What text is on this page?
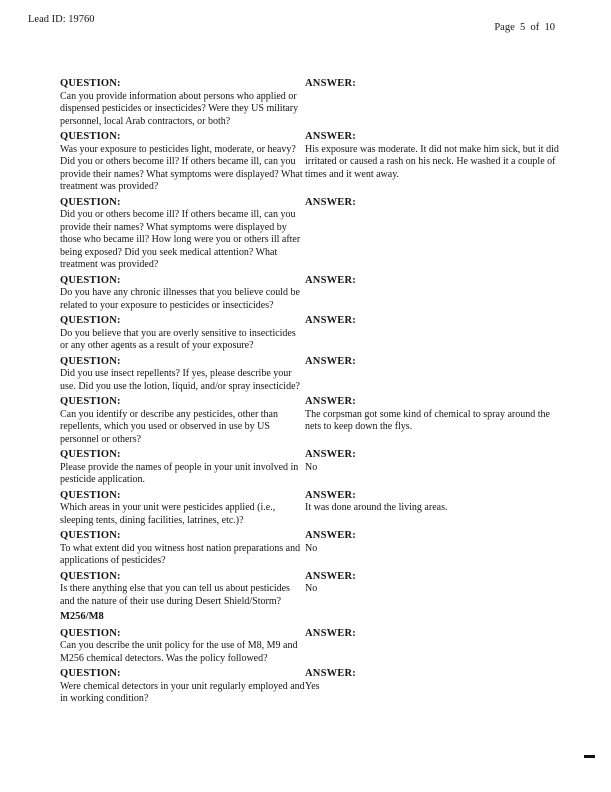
Lead ID: 19760
Page  5  of  10
QUESTION:
Can you provide information about persons who applied or dispensed pesticides or insecticides? Were they US military personnel, local Arab contractors, or both?
ANSWER:
QUESTION:
Was your exposure to pesticides light, moderate, or heavy? Did you or others become ill? If others became ill, can you provide their names? What symptoms were displayed? What treatment was provided?
ANSWER:
His exposure was moderate. It did not make him sick, but it did irritated or caused a rash on his neck. He washed it a couple of times and it went away.
QUESTION:
Did you or others become ill? If others became ill, can you provide their names? What symptoms were displayed by those who became ill? How long were you or others ill after being exposed? Did you seek medical attention? What treatment was provided?
ANSWER:
QUESTION:
Do you have any chronic illnesses that you believe could be related to your exposure to pesticides or insecticides?
ANSWER:
QUESTION:
Do you believe that you are overly sensitive to insecticides or any other agents as a result of your exposure?
ANSWER:
QUESTION:
Did you use insect repellents? If yes, please describe your use. Did you use the lotion, liquid, and/or spray insecticide?
ANSWER:
QUESTION:
Can you identify or describe any pesticides, other than repellents, which you used or observed in use by US personnel or others?
ANSWER:
The corpsman got some kind of chemical to spray around the nets to keep down the flys.
QUESTION:
Please provide the names of people in your unit involved in pesticide application.
ANSWER:
No
QUESTION:
Which areas in your unit were pesticides applied (i.e., sleeping tents, dining facilities, latrines, etc.)?
ANSWER:
It was done around the living areas.
QUESTION:
To what extent did you witness host nation preparations and applications of pesticides?
ANSWER:
No
QUESTION:
Is there anything else that you can tell us about pesticides and the nature of their use during Desert Shield/Storm?
ANSWER:
No
M256/M8
QUESTION:
Can you describe the unit policy for the use of M8, M9 and M256 chemical detectors. Was the policy followed?
ANSWER:
QUESTION:
Were chemical detectors in your unit regularly employed and in working condition?
ANSWER:
Yes
